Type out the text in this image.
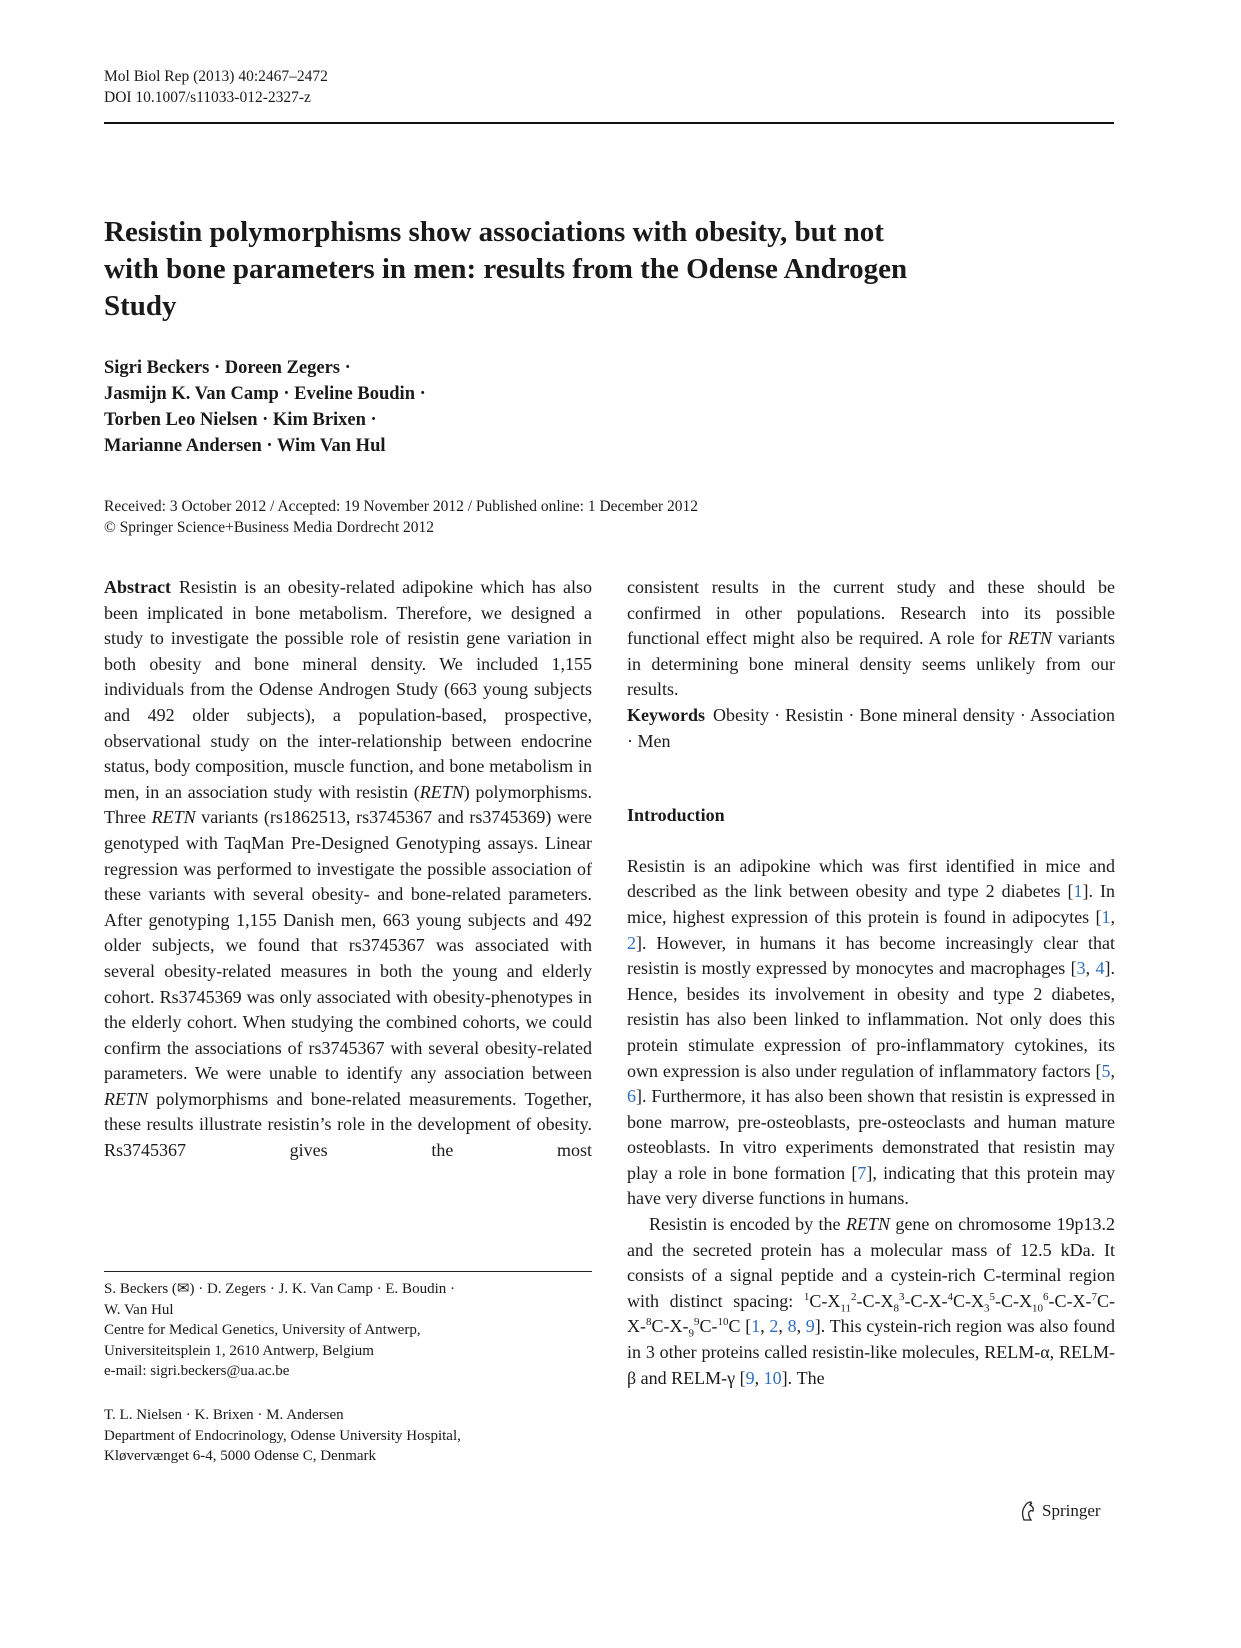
Mol Biol Rep (2013) 40:2467–2472
DOI 10.1007/s11033-012-2327-z
Resistin polymorphisms show associations with obesity, but not with bone parameters in men: results from the Odense Androgen Study
Sigri Beckers · Doreen Zegers ·
Jasmijn K. Van Camp · Eveline Boudin ·
Torben Leo Nielsen · Kim Brixen ·
Marianne Andersen · Wim Van Hul
Received: 3 October 2012 / Accepted: 19 November 2012 / Published online: 1 December 2012
© Springer Science+Business Media Dordrecht 2012

Abstract Resistin is an obesity-related adipokine which has also been implicated in bone metabolism. Therefore, we designed a study to investigate the possible role of resistin gene variation in both obesity and bone mineral density. We included 1,155 individuals from the Odense Androgen Study (663 young subjects and 492 older subjects), a population-based, prospective, observational study on the inter-relationship between endocrine status, body composition, muscle function, and bone metabolism in men, in an association study with resistin (RETN) polymorphisms. Three RETN variants (rs1862513, rs3745367 and rs3745369) were genotyped with TaqMan Pre-Designed Genotyping assays. Linear regression was performed to investigate the possible association of these variants with several obesity- and bone-related parameters. After genotyping 1,155 Danish men, 663 young subjects and 492 older subjects, we found that rs3745367 was associated with several obesity-related measures in both the young and elderly cohort. Rs3745369 was only associated with obesity-phenotypes in the elderly cohort. When studying the combined cohorts, we could confirm the associations of rs3745367 with several obesity-related parameters. We were unable to identify any association between RETN polymorphisms and bone-related measurements. Together, these results illustrate resistin’s role in the development of obesity. Rs3745367 gives the most

consistent results in the current study and these should be confirmed in other populations. Research into its possible functional effect might also be required. A role for RETN variants in determining bone mineral density seems unlikely from our results.

Keywords Obesity · Resistin · Bone mineral density · Association · Men

Introduction

Resistin is an adipokine which was first identified in mice and described as the link between obesity and type 2 diabetes [1]. In mice, highest expression of this protein is found in adipocytes [1, 2]. However, in humans it has become increasingly clear that resistin is mostly expressed by monocytes and macrophages [3, 4]. Hence, besides its involvement in obesity and type 2 diabetes, resistin has also been linked to inflammation. Not only does this protein stimulate expression of pro-inflammatory cytokines, its own expression is also under regulation of inflammatory factors [5, 6]. Furthermore, it has also been shown that resistin is expressed in bone marrow, pre-osteoblasts, pre-osteoclasts and human mature osteoblasts. In vitro experiments demonstrated that resistin may play a role in bone formation [7], indicating that this protein may have very diverse functions in humans.

Resistin is encoded by the RETN gene on chromosome 19p13.2 and the secreted protein has a molecular mass of 12.5 kDa. It consists of a signal peptide and a cystein-rich C-terminal region with distinct spacing: $^1C-X_{11}^2-C-X_8^3-C-X-^4C-X_3^5-C-X_{10}^6-C-X-^7C-X-^8C-X-_9^9C-^{10}C$ [1, 2, 8, 9]. This cystein-rich region was also found in 3 other proteins called resistin-like molecules, RELM-α, RELM-β and RELM-γ [9, 10]. The

S. Beckers (✉) · D. Zegers · J. K. Van Camp · E. Boudin ·
W. Van Hul
Centre for Medical Genetics, University of Antwerp,
Universiteitsplein 1, 2610 Antwerp, Belgium
e-mail: sigri.beckers@ua.ac.be
T. L. Nielsen · K. Brixen · M. Andersen
Department of Endocrinology, Odense University Hospital,
Kløvervænget 6-4, 5000 Odense C, Denmark
Springer
